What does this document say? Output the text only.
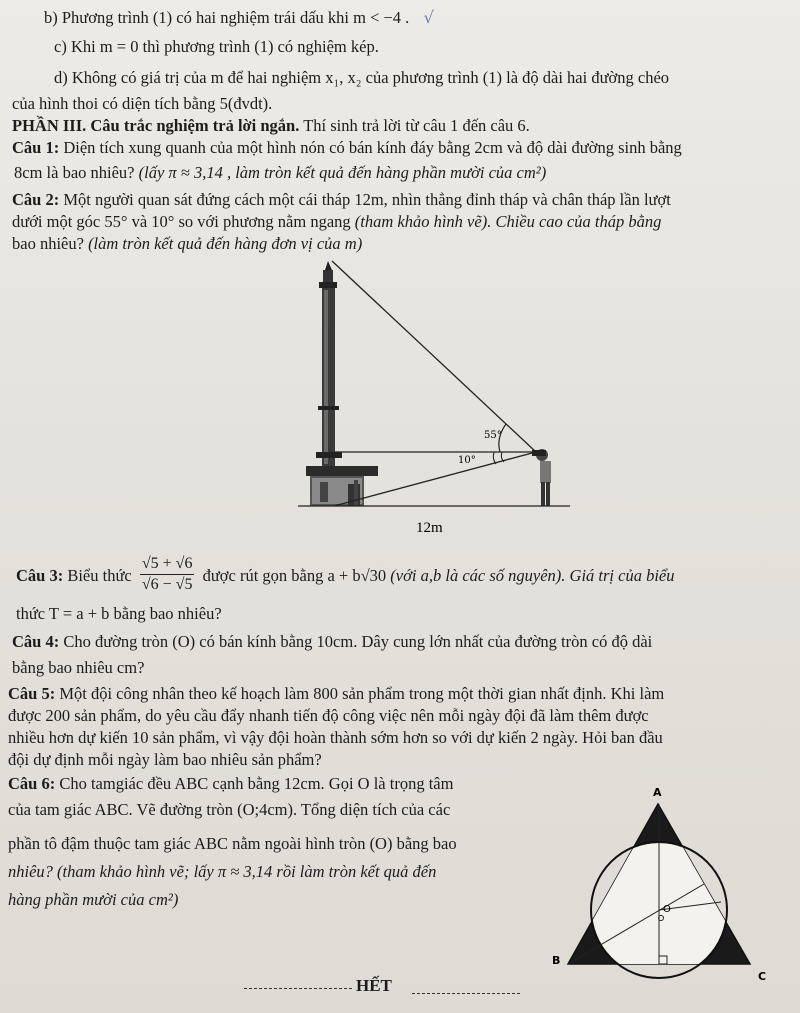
b) Phương trình (1) có hai nghiệm trái dấu khi m < −4 . √
c) Khi m = 0 thì phương trình (1) có nghiệm kép.
d) Không có giá trị của m để hai nghiệm x₁, x₂ của phương trình (1) là độ dài hai đường chéo
của hình thoi có diện tích bằng 5(đvdt).
PHẦN III. Câu trắc nghiệm trả lời ngắn. Thí sinh trả lời từ câu 1 đến câu 6.
Câu 1: Diện tích xung quanh của một hình nón có bán kính đáy bằng 2cm và độ dài đường sinh bằng
8cm là bao nhiêu? (lấy π ≈ 3,14 , làm tròn kết quả đến hàng phần mười của cm²)
Câu 2: Một người quan sát đứng cách một cái tháp 12m, nhìn thẳng đỉnh tháp và chân tháp lần lượt
dưới một góc 55° và 10° so với phương nằm ngang (tham khảo hình vẽ). Chiều cao của tháp bằng
bao nhiêu? (làm tròn kết quả đến hàng đơn vị của m)
55°
10°
12m
Câu 3: Biểu thức $\frac{√5 + √6}{√6 - √5}$ được rút gọn bằng a + b√30 (với a,b là các số nguyên). Giá trị của biểu
thức T = a + b bằng bao nhiêu?
Câu 4: Cho đường tròn (O) có bán kính bằng 10cm. Dây cung lớn nhất của đường tròn có độ dài
bằng bao nhiêu cm?
Câu 5: Một đội công nhân theo kế hoạch làm 800 sản phẩm trong một thời gian nhất định. Khi làm
được 200 sản phẩm, do yêu cầu đẩy nhanh tiến độ công việc nên mỗi ngày đội đã làm thêm được
nhiều hơn dự kiến 10 sản phẩm, vì vậy đội hoàn thành sớm hơn so với dự kiến 2 ngày. Hỏi ban đầu
đội dự định mỗi ngày làm bao nhiêu sản phẩm?
Câu 6: Cho tamgiác đều ABC cạnh bằng 12cm. Gọi O là trọng tâm
của tam giác ABC. Vẽ đường tròn (O;4cm). Tổng diện tích của các
phần tô đậm thuộc tam giác ABC nằm ngoài hình tròn (O) bằng bao
nhiêu? (tham khảo hình vẽ; lấy π ≈ 3,14 rồi làm tròn kết quả đến
hàng phần mười của cm²)
A
B
C
O
HẾT
